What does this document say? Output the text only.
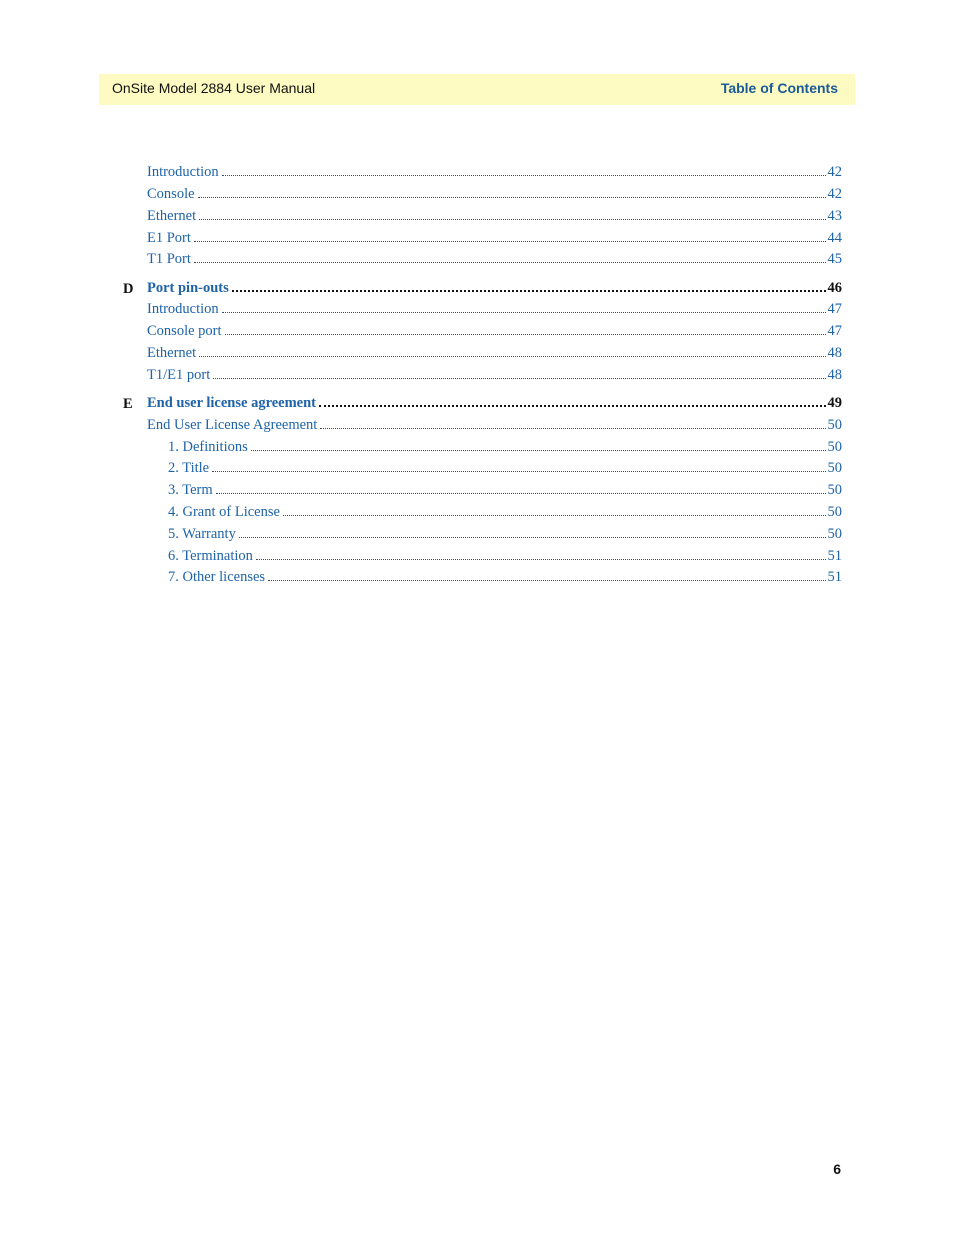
OnSite Model 2884 User Manual	Table of Contents
Introduction	42
Console	42
Ethernet	43
E1 Port	44
T1 Port	45
D Port pin-outs	46
Introduction	47
Console port	47
Ethernet	48
T1/E1 port	48
E End user license agreement	49
End User License Agreement	50
1. Definitions	50
2. Title	50
3. Term	50
4. Grant of License	50
5. Warranty	50
6. Termination	51
7. Other licenses	51
6
